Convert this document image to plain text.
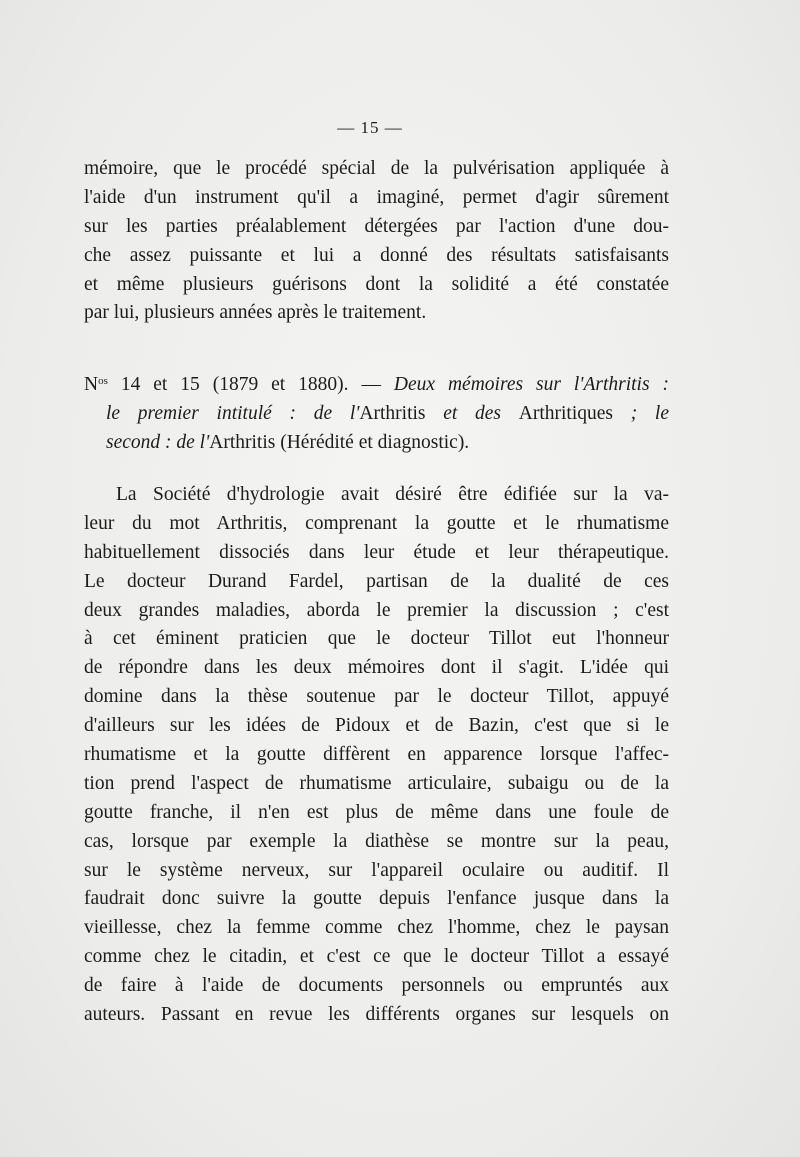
— 15 —
mémoire, que le procédé spécial de la pulvérisation appliquée à
l'aide d'un instrument qu'il a imaginé, permet d'agir sûrement
sur les parties préalablement détergées par l'action d'une dou-
che assez puissante et lui a donné des résultats satisfaisants
et même plusieurs guérisons dont la solidité a été constatée
par lui, plusieurs années après le traitement.
$N^{os}$ 14 et 15 (1879 et 1880). — Deux mémoires sur l'Arthritis :
le premier intitulé : de l'Arthritis et des Arthritiques ; le
second : de l'Arthritis (Hérédité et diagnostic).
La Société d'hydrologie avait désiré être édifiée sur la va-
leur du mot Arthritis, comprenant la goutte et le rhumatisme
habituellement dissociés dans leur étude et leur thérapeutique.
Le docteur Durand Fardel, partisan de la dualité de ces
deux grandes maladies, aborda le premier la discussion ; c'est
à cet éminent praticien que le docteur Tillot eut l'honneur
de répondre dans les deux mémoires dont il s'agit. L'idée qui
domine dans la thèse soutenue par le docteur Tillot, appuyé
d'ailleurs sur les idées de Pidoux et de Bazin, c'est que si le
rhumatisme et la goutte diffèrent en apparence lorsque l'affec-
tion prend l'aspect de rhumatisme articulaire, subaigu ou de la
goutte franche, il n'en est plus de même dans une foule de
cas, lorsque par exemple la diathèse se montre sur la peau,
sur le système nerveux, sur l'appareil oculaire ou auditif. Il
faudrait donc suivre la goutte depuis l'enfance jusque dans la
vieillesse, chez la femme comme chez l'homme, chez le paysan
comme chez le citadin, et c'est ce que le docteur Tillot a essayé
de faire à l'aide de documents personnels ou empruntés aux
auteurs. Passant en revue les différents organes sur lesquels on
